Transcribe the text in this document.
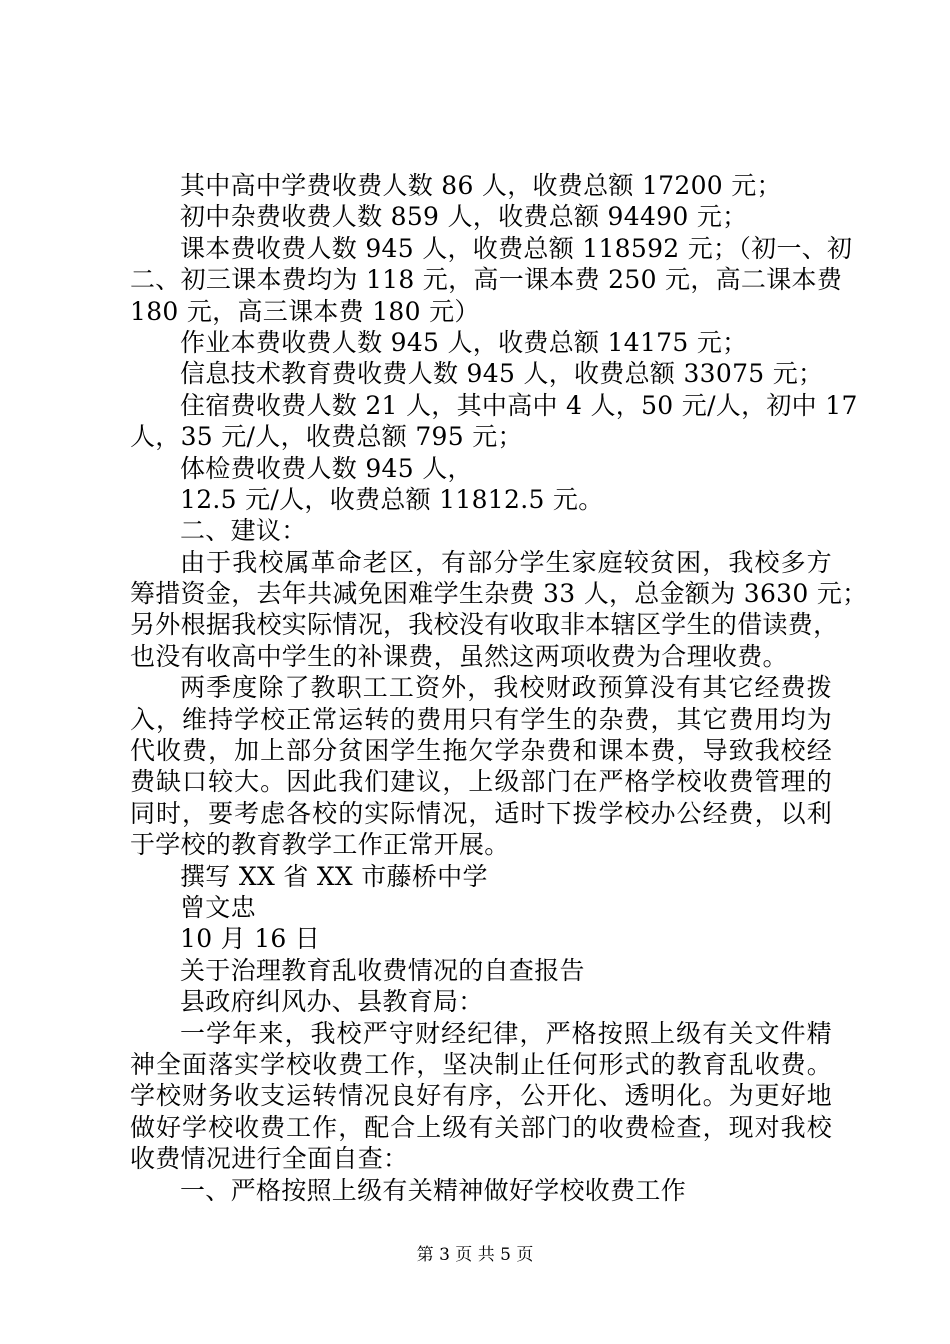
其中高中学费收费人数 86 人，收费总额 17200 元；
初中杂费收费人数 859 人，收费总额 94490 元；
课本费收费人数 945 人，收费总额 118592 元；（初一、初
二、初三课本费均为 118 元，高一课本费 250 元，高二课本费
180 元，高三课本费 180 元）
作业本费收费人数 945 人，收费总额 14175 元；
信息技术教育费收费人数 945 人，收费总额 33075 元；
住宿费收费人数 21 人，其中高中 4 人，50 元/人，初中 17
人，35 元/人，收费总额 795 元；
体检费收费人数 945 人，
12.5 元/人，收费总额 11812.5 元。
二、建议：
由于我校属革命老区，有部分学生家庭较贫困，我校多方
筹措资金，去年共减免困难学生杂费 33 人，总金额为 3630 元；
另外根据我校实际情况，我校没有收取非本辖区学生的借读费，
也没有收高中学生的补课费，虽然这两项收费为合理收费。
两季度除了教职工工资外，我校财政预算没有其它经费拨
入，维持学校正常运转的费用只有学生的杂费，其它费用均为
代收费，加上部分贫困学生拖欠学杂费和课本费，导致我校经
费缺口较大。因此我们建议，上级部门在严格学校收费管理的
同时，要考虑各校的实际情况，适时下拨学校办公经费，以利
于学校的教育教学工作正常开展。
撰写 XX 省 XX 市藤桥中学
曾文忠
10 月 16 日
关于治理教育乱收费情况的自查报告
县政府纠风办、县教育局：
一学年来，我校严守财经纪律，严格按照上级有关文件精
神全面落实学校收费工作，坚决制止任何形式的教育乱收费。
学校财务收支运转情况良好有序，公开化、透明化。为更好地
做好学校收费工作，配合上级有关部门的收费检查，现对我校
收费情况进行全面自查：
一、严格按照上级有关精神做好学校收费工作
第 3 页 共 5 页
